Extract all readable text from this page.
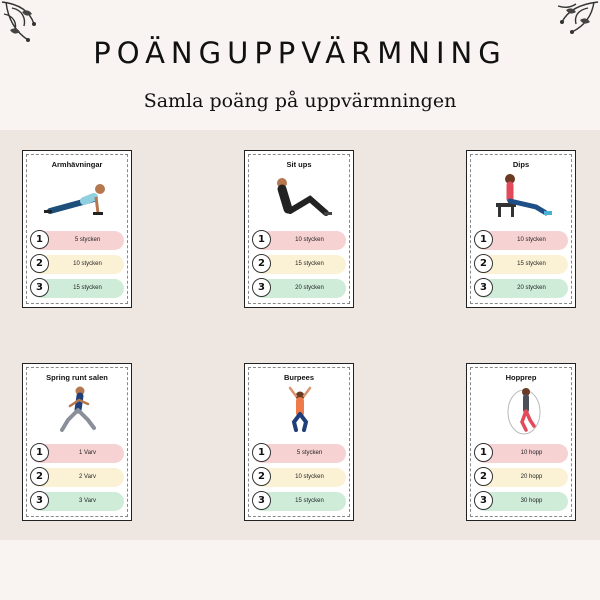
POÄNGUPPVÄRMNING
Samla poäng på uppvärmningen
Armhävningar
1	5 stycken
2	10 stycken
3	15 stycken
Sit ups
1	10 stycken
2	15 stycken
3	20 stycken
Dips
1	10 stycken
2	15 stycken
3	20 stycken
Spring runt salen
1	1 Varv
2	2 Varv
3	3 Varv
Burpees
1	5 stycken
2	10 stycken
3	15 stycken
Hopprep
1	10 hopp
2	20 hopp
3	30 hopp
